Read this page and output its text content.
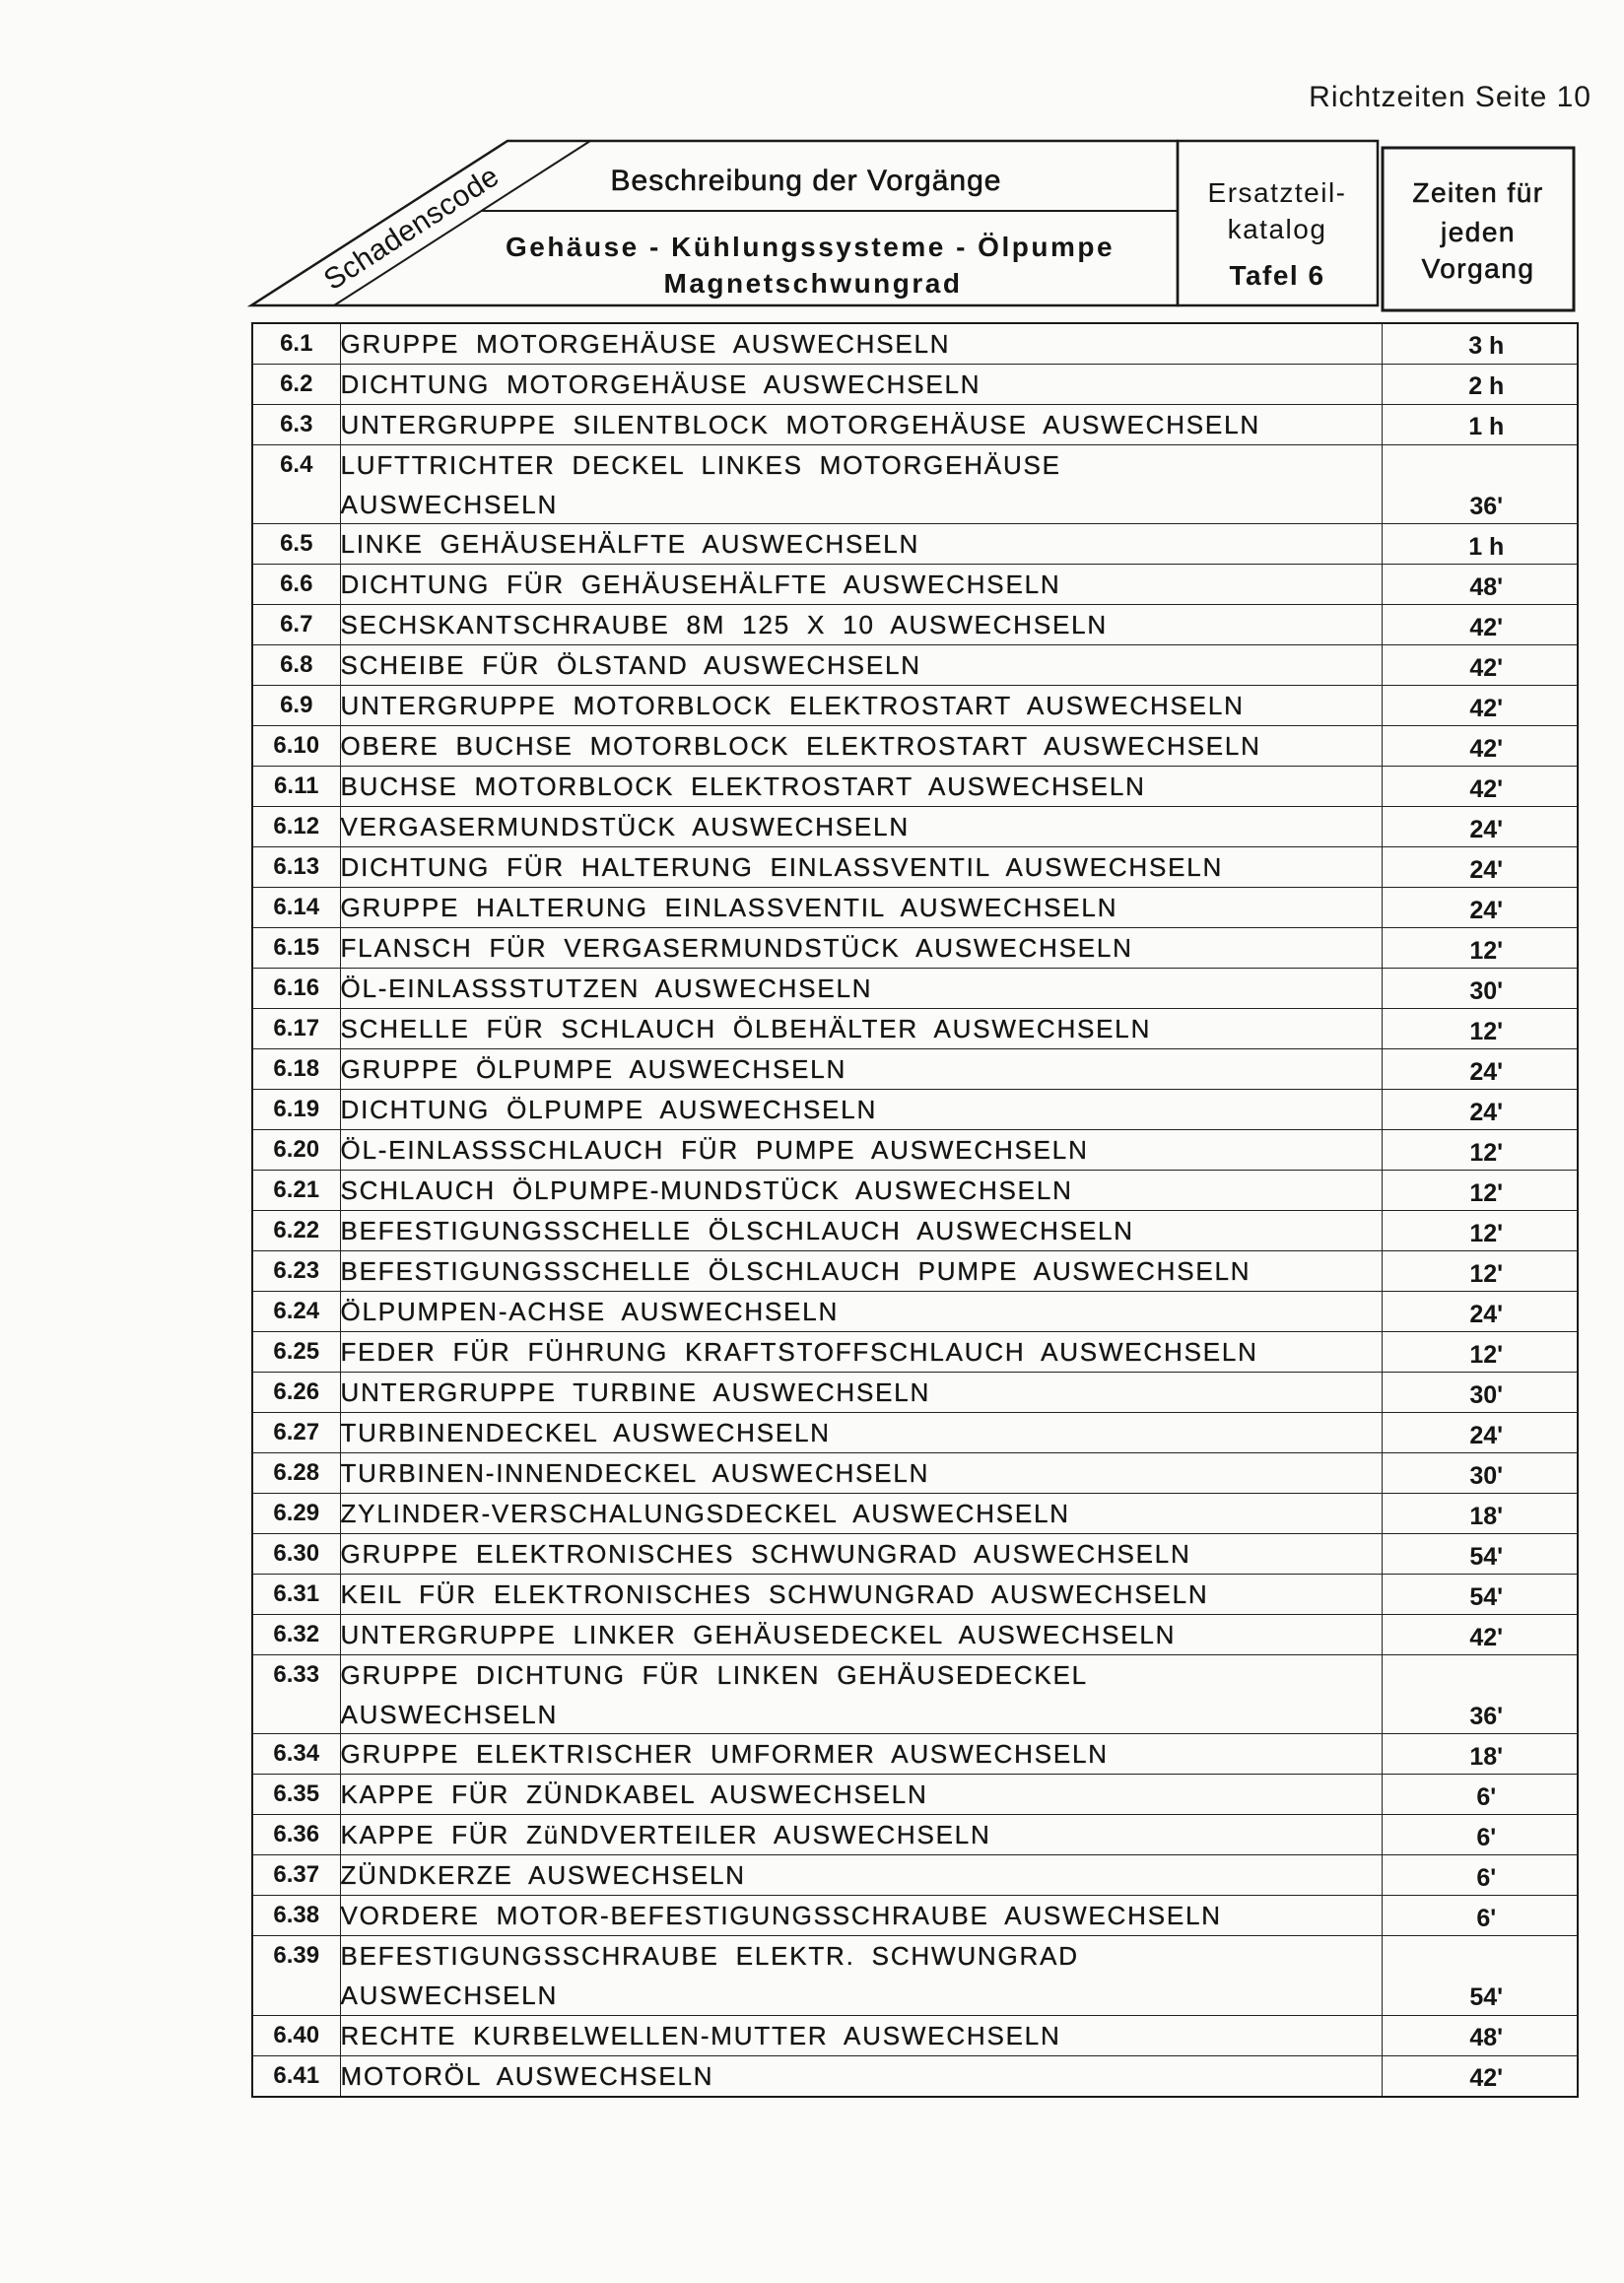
Richtzeiten Seite 10
Schadenscode	Beschreibung der Vorgänge
Gehäuse - Kühlungssysteme - Ölpumpe
Magnetschwungrad
Ersatzteil-
katalog
Tafel 6
Zeiten für
jeden
Vorgang
6.1	GRUPPE MOTORGEHÄUSE AUSWECHSELN	3 h

6.2	DICHTUNG MOTORGEHÄUSE AUSWECHSELN	2 h

6.3	UNTERGRUPPE SILENTBLOCK MOTORGEHÄUSE AUSWECHSELN	1 h

6.4	LUFTTRICHTER DECKEL LINKES MOTORGEHÄUSE
AUSWECHSELN	36'

6.5	LINKE GEHÄUSEHÄLFTE AUSWECHSELN	1 h

6.6	DICHTUNG FÜR GEHÄUSEHÄLFTE AUSWECHSELN	48'

6.7	SECHSKANTSCHRAUBE 8M 125 X 10 AUSWECHSELN	42'

6.8	SCHEIBE FÜR ÖLSTAND AUSWECHSELN	42'

6.9	UNTERGRUPPE MOTORBLOCK ELEKTROSTART AUSWECHSELN	42'

6.10	OBERE BUCHSE MOTORBLOCK ELEKTROSTART AUSWECHSELN	42'

6.11	BUCHSE MOTORBLOCK ELEKTROSTART AUSWECHSELN	42'

6.12	VERGASERMUNDSTÜCK AUSWECHSELN	24'

6.13	DICHTUNG FÜR HALTERUNG EINLASSVENTIL AUSWECHSELN	24'

6.14	GRUPPE HALTERUNG EINLASSVENTIL AUSWECHSELN	24'

6.15	FLANSCH FÜR VERGASERMUNDSTÜCK AUSWECHSELN	12'

6.16	ÖL-EINLASSSTUTZEN AUSWECHSELN	30'

6.17	SCHELLE FÜR SCHLAUCH ÖLBEHÄLTER AUSWECHSELN	12'

6.18	GRUPPE ÖLPUMPE AUSWECHSELN	24'

6.19	DICHTUNG ÖLPUMPE AUSWECHSELN	24'

6.20	ÖL-EINLASSSCHLAUCH FÜR PUMPE AUSWECHSELN	12'

6.21	SCHLAUCH ÖLPUMPE-MUNDSTÜCK AUSWECHSELN	12'

6.22	BEFESTIGUNGSSCHELLE ÖLSCHLAUCH AUSWECHSELN	12'

6.23	BEFESTIGUNGSSCHELLE ÖLSCHLAUCH PUMPE AUSWECHSELN	12'

6.24	ÖLPUMPEN-ACHSE AUSWECHSELN	24'

6.25	FEDER FÜR FÜHRUNG KRAFTSTOFFSCHLAUCH AUSWECHSELN	12'

6.26	UNTERGRUPPE TURBINE AUSWECHSELN	30'

6.27	TURBINENDECKEL AUSWECHSELN	24'

6.28	TURBINEN-INNENDECKEL AUSWECHSELN	30'

6.29	ZYLINDER-VERSCHALUNGSDECKEL AUSWECHSELN	18'

6.30	GRUPPE ELEKTRONISCHES SCHWUNGRAD AUSWECHSELN	54'

6.31	KEIL FÜR ELEKTRONISCHES SCHWUNGRAD AUSWECHSELN	54'

6.32	UNTERGRUPPE LINKER GEHÄUSEDECKEL AUSWECHSELN	42'

6.33	GRUPPE DICHTUNG FÜR LINKEN GEHÄUSEDECKEL
AUSWECHSELN	36'

6.34	GRUPPE ELEKTRISCHER UMFORMER AUSWECHSELN	18'

6.35	KAPPE FÜR ZÜNDKABEL AUSWECHSELN	6'

6.36	KAPPE FÜR ZüNDVERTEILER AUSWECHSELN	6'

6.37	ZÜNDKERZE AUSWECHSELN	6'

6.38	VORDERE MOTOR-BEFESTIGUNGSSCHRAUBE AUSWECHSELN	6'

6.39	BEFESTIGUNGSSCHRAUBE ELEKTR. SCHWUNGRAD
AUSWECHSELN	54'

6.40	RECHTE KURBELWELLEN-MUTTER AUSWECHSELN	48'

6.41	MOTORÖL AUSWECHSELN	42'
